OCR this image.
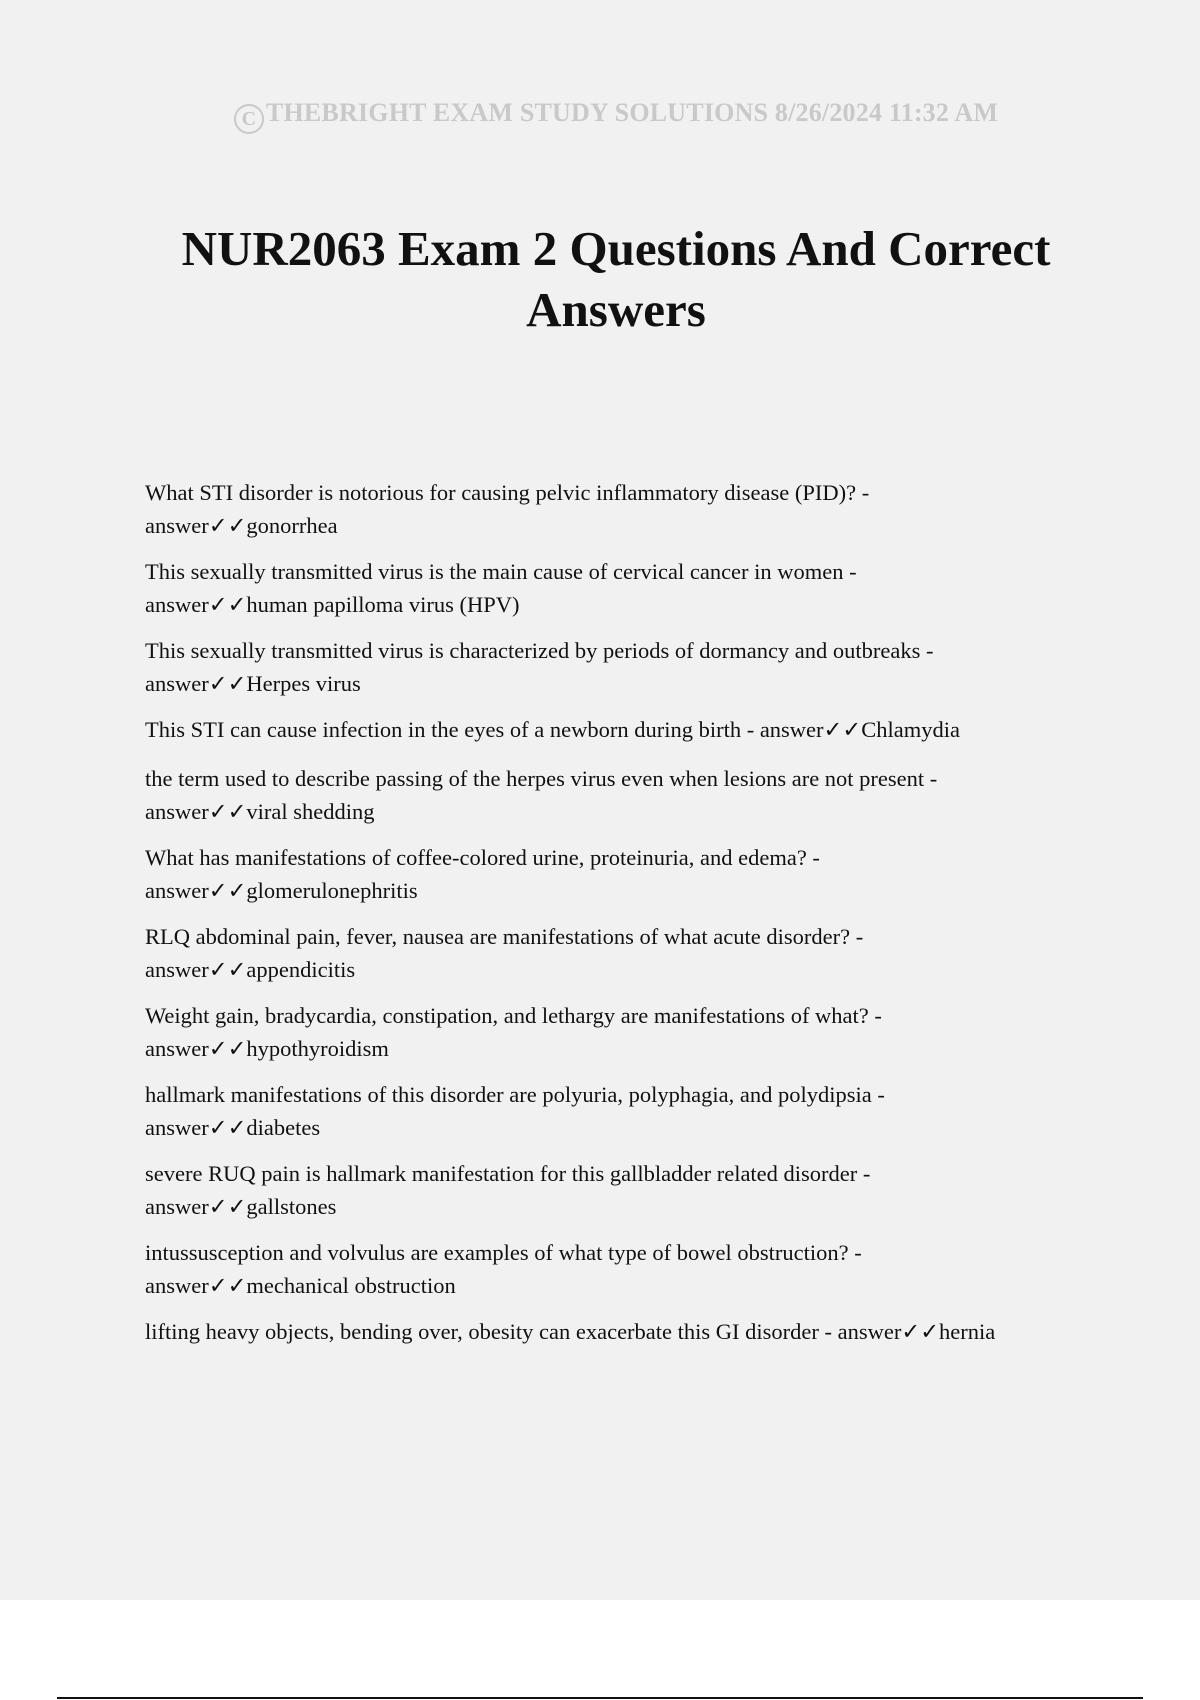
C THEBRIGHT EXAM STUDY SOLUTIONS 8/26/2024 11:32 AM
NUR2063 Exam 2 Questions And Correct Answers
What STI disorder is notorious for causing pelvic inflammatory disease (PID)? -
answer✓✓gonorrhea
This sexually transmitted virus is the main cause of cervical cancer in women -
answer✓✓human papilloma virus (HPV)
This sexually transmitted virus is characterized by periods of dormancy and outbreaks -
answer✓✓Herpes virus
This STI can cause infection in the eyes of a newborn during birth - answer✓✓Chlamydia
the term used to describe passing of the herpes virus even when lesions are not present -
answer✓✓viral shedding
What has manifestations of coffee-colored urine, proteinuria, and edema? -
answer✓✓glomerulonephritis
RLQ abdominal pain, fever, nausea are manifestations of what acute disorder? -
answer✓✓appendicitis
Weight gain, bradycardia, constipation, and lethargy are manifestations of what? -
answer✓✓hypothyroidism
hallmark manifestations of this disorder are polyuria, polyphagia, and polydipsia -
answer✓✓diabetes
severe RUQ pain is hallmark manifestation for this gallbladder related disorder -
answer✓✓gallstones
intussusception and volvulus are examples of what type of bowel obstruction? -
answer✓✓mechanical obstruction
lifting heavy objects, bending over, obesity can exacerbate this GI disorder - answer✓✓hernia
